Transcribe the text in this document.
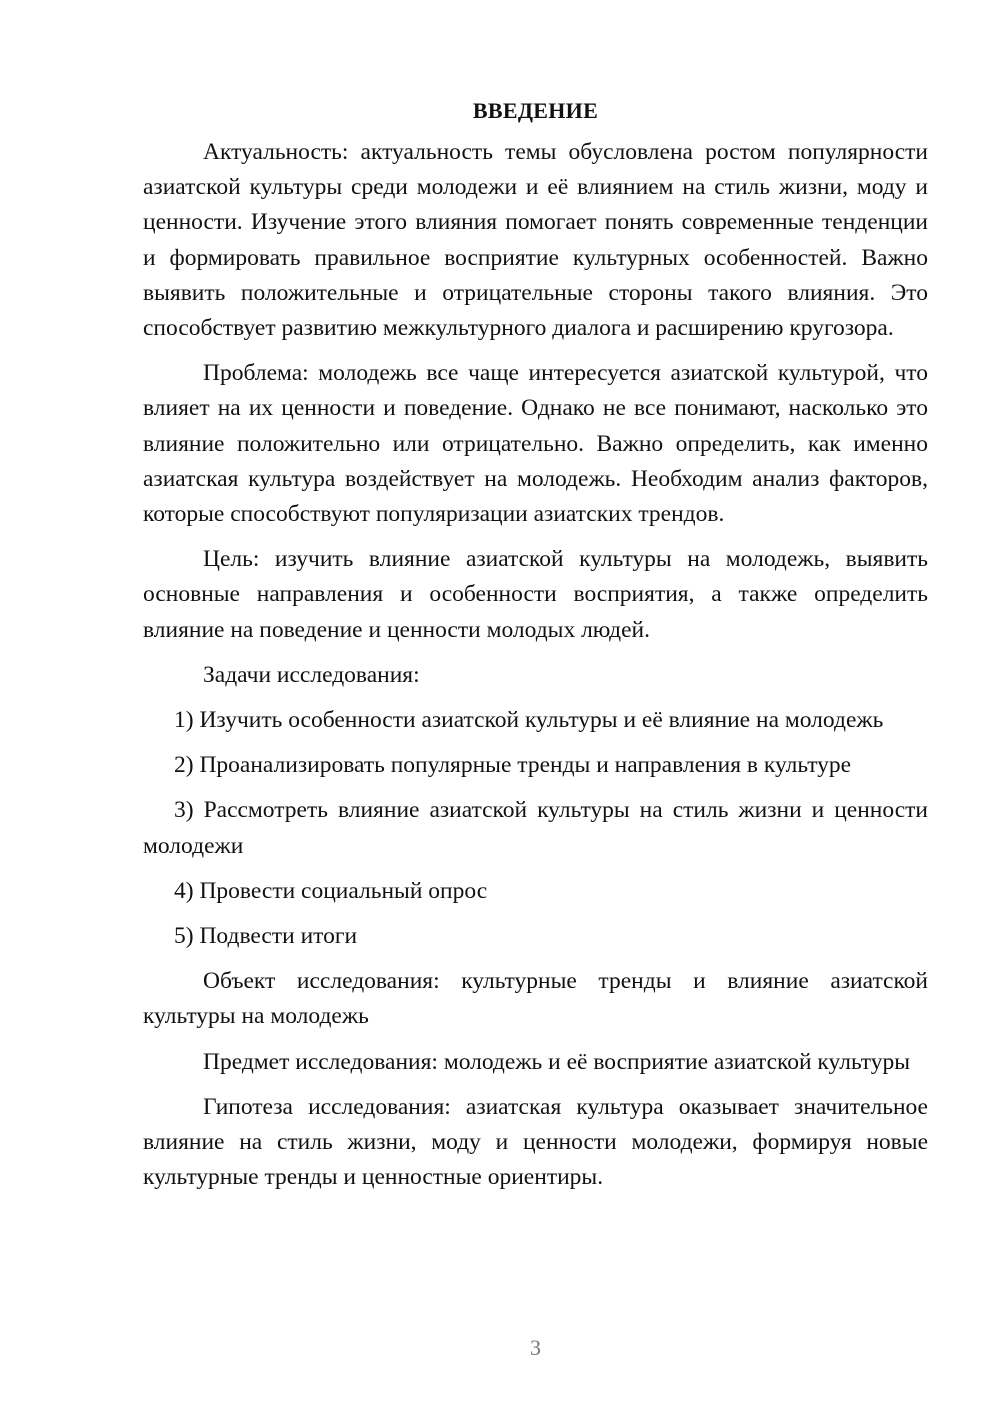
ВВЕДЕНИЕ
Актуальность: актуальность темы обусловлена ростом популярности азиатской культуры среди молодежи и её влиянием на стиль жизни, моду и ценности. Изучение этого влияния помогает понять современные тенденции и формировать правильное восприятие культурных особенностей. Важно выявить положительные и отрицательные стороны такого влияния. Это способствует развитию межкультурного диалога и расширению кругозора.
Проблема: молодежь все чаще интересуется азиатской культурой, что влияет на их ценности и поведение. Однако не все понимают, насколько это влияние положительно или отрицательно. Важно определить, как именно азиатская культура воздействует на молодежь. Необходим анализ факторов, которые способствуют популяризации азиатских трендов.
Цель: изучить влияние азиатской культуры на молодежь, выявить основные направления и особенности восприятия, а также определить влияние на поведение и ценности молодых людей.
Задачи исследования:
1) Изучить особенности азиатской культуры и её влияние на молодежь
2) Проанализировать популярные тренды и направления в культуре
3) Рассмотреть влияние азиатской культуры на стиль жизни и ценности молодежи
4) Провести социальный опрос
5) Подвести итоги
Объект исследования: культурные тренды и влияние азиатской культуры на молодежь
Предмет исследования: молодежь и её восприятие азиатской культуры
Гипотеза исследования: азиатская культура оказывает значительное влияние на стиль жизни, моду и ценности молодежи, формируя новые культурные тренды и ценностные ориентиры.
3
